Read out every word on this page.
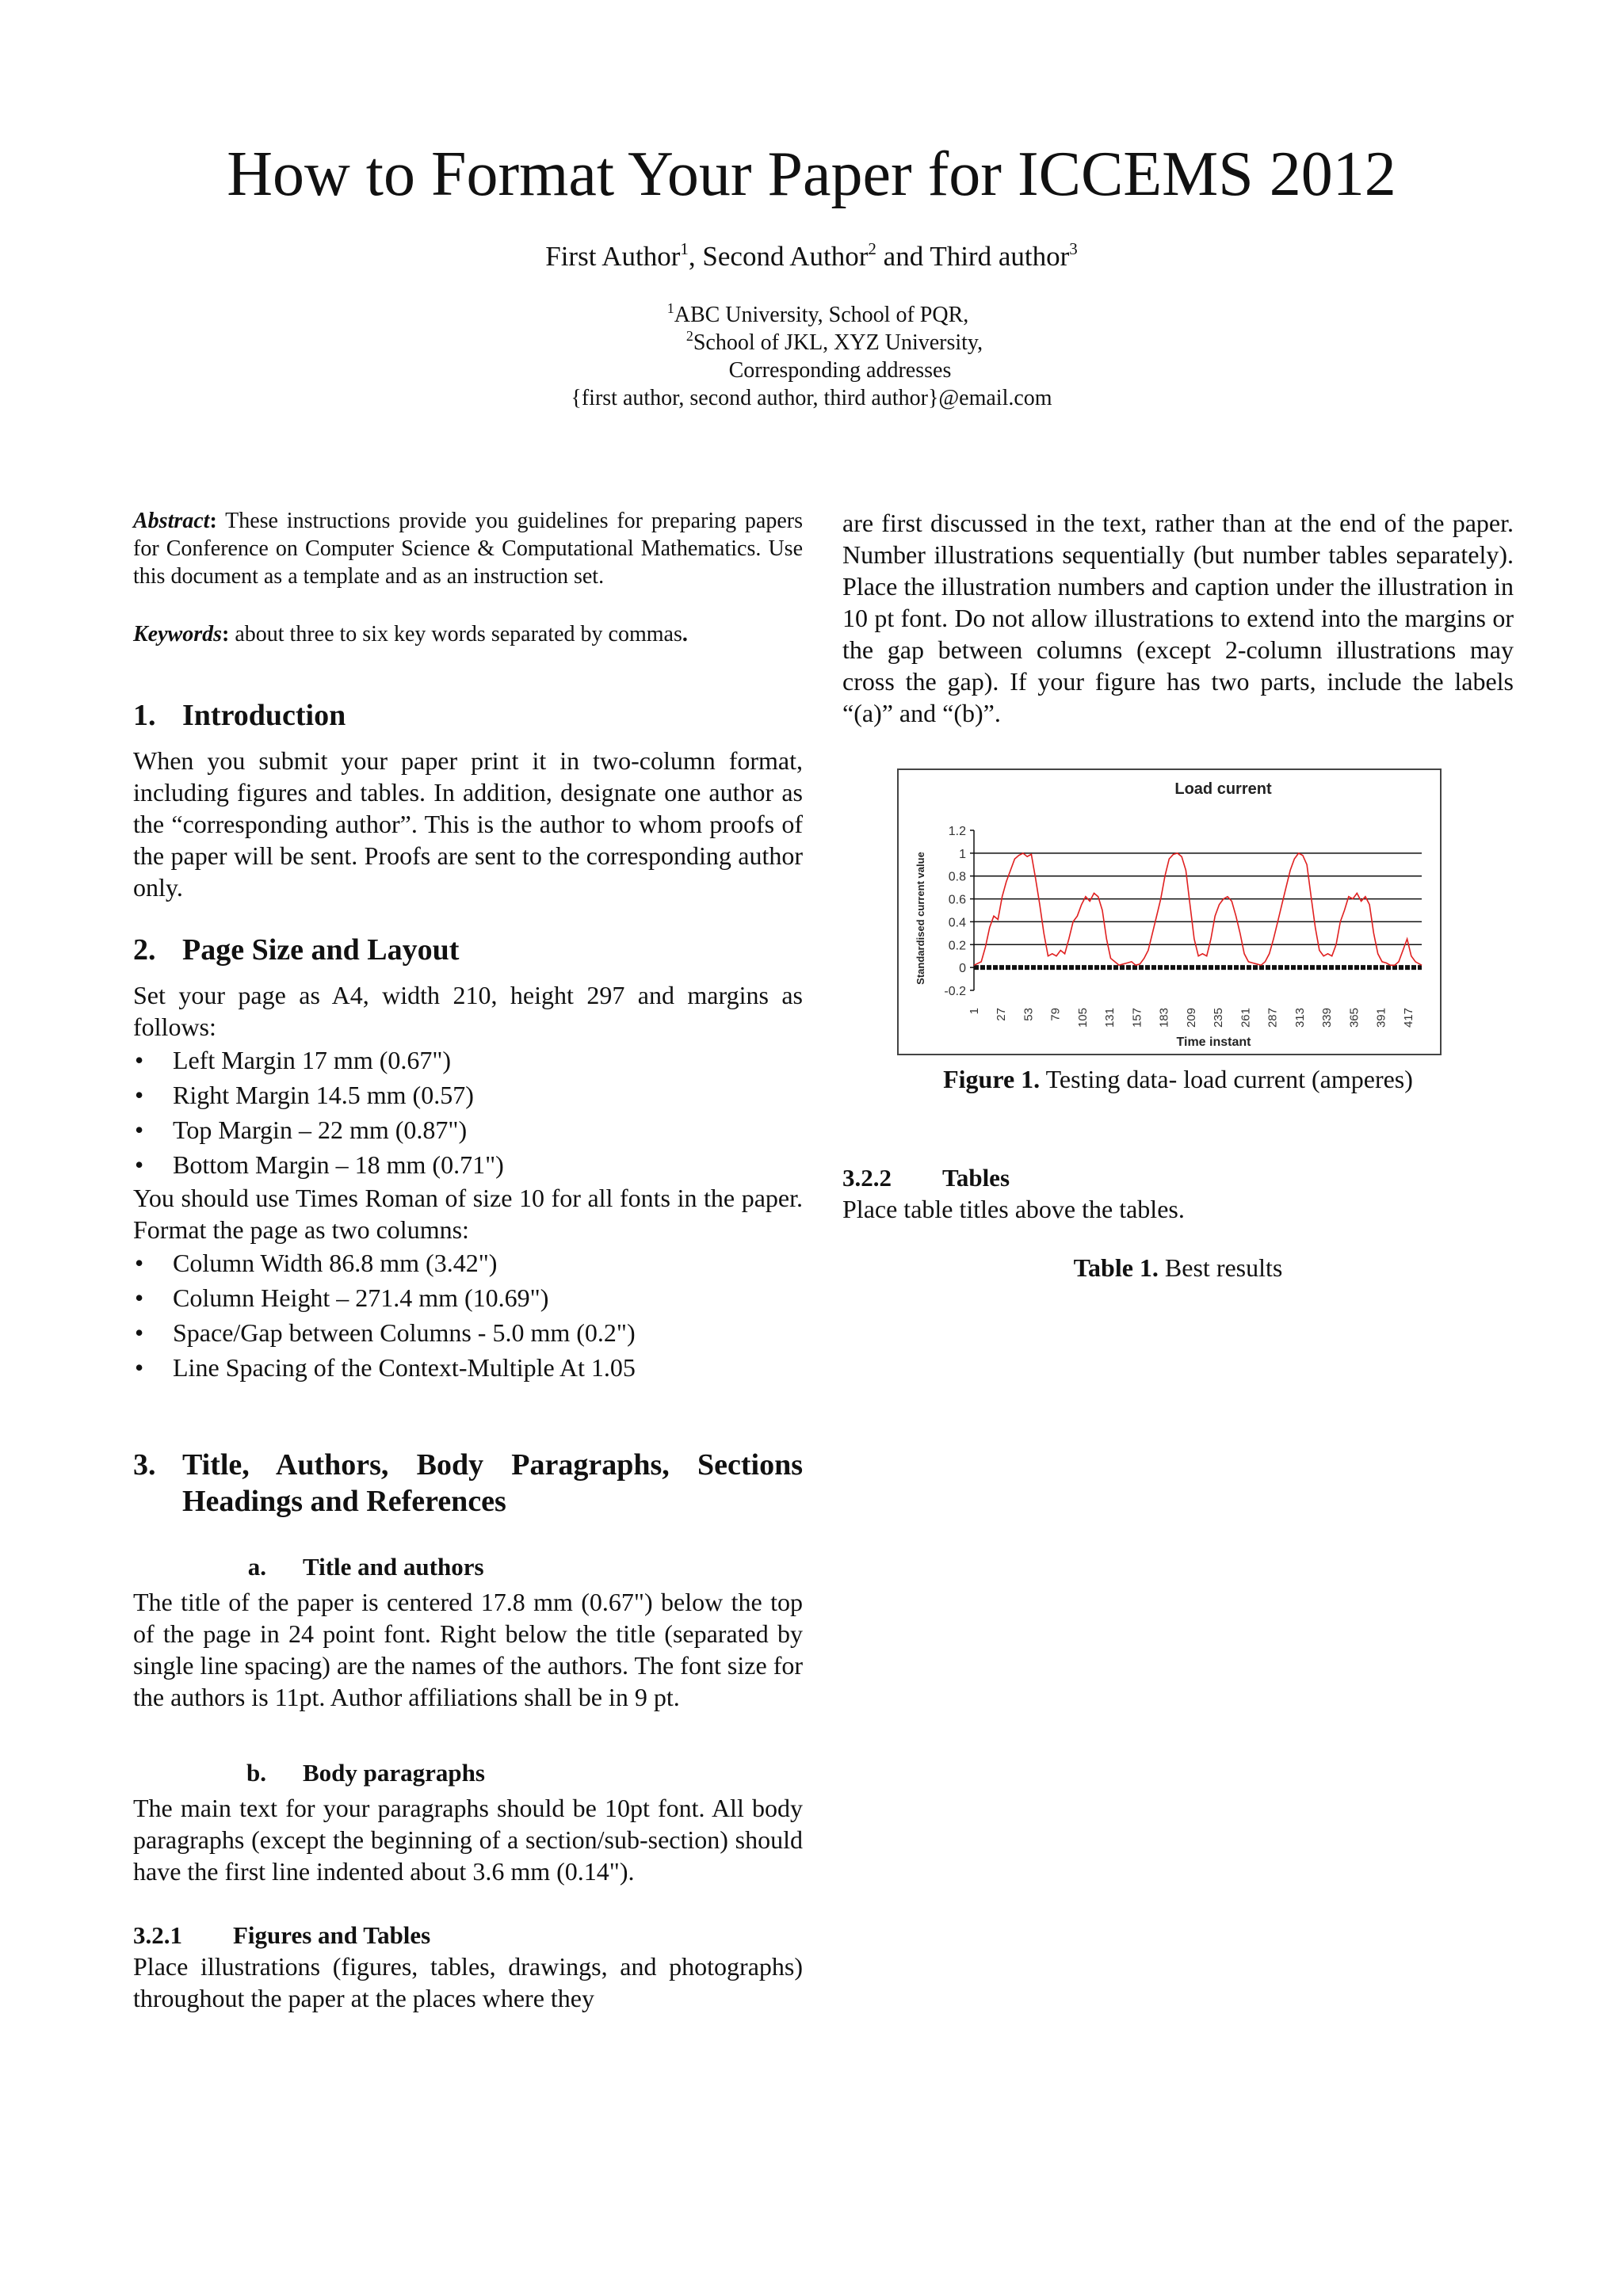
How to Format Your Paper for ICCEMS 2012
First Author$^1$, Second Author$^2$ and Third author$^3$
$^1$ABC University, School of PQR,
$^2$School of JKL, XYZ University,
Corresponding addresses
{first author, second author, third author}@email.com

Abstract: These instructions provide you guidelines for preparing papers for Conference on Computer Science & Computational Mathematics. Use this document as a template and as an instruction set.

Keywords: about three to six key words separated by commas.

1. Introduction

When you submit your paper print it in two-column format, including figures and tables. In addition, designate one author as the “corresponding author”. This is the author to whom proofs of the paper will be sent. Proofs are sent to the corresponding author only.

2. Page Size and Layout

Set your page as A4, width 210, height 297 and margins as follows:

• Left Margin 17 mm (0.67")
• Right Margin 14.5 mm (0.57)
• Top Margin – 22 mm (0.87")
• Bottom Margin – 18 mm (0.71")

You should use Times Roman of size 10 for all fonts in the paper. Format the page as two columns:

• Column Width 86.8 mm (3.42")
• Column Height – 271.4 mm (10.69")
• Space/Gap between Columns - 5.0 mm (0.2")
• Line Spacing of the Context-Multiple At 1.05
3. Title, Authors, Body Paragraphs, Sections Headings and References
a. Title and authors

The title of the paper is centered 17.8 mm (0.67") below the top of the page in 24 point font. Right below the title (separated by single line spacing) are the names of the authors. The font size for the authors is 11pt. Author affiliations shall be in 9 pt.

b. Body paragraphs

The main text for your paragraphs should be 10pt font. All body paragraphs (except the beginning of a section/sub-section) should have the first line indented about 3.6 mm (0.14").

3.2.1 Figures and Tables

Place illustrations (figures, tables, drawings, and photographs) throughout the paper at the places where they

are first discussed in the text, rather than at the end of the paper. Number illustrations sequentially (but number tables separately). Place the illustration numbers and caption under the illustration in 10 pt font. Do not allow illustrations to extend into the margins or the gap between columns (except 2-column illustrations may cross the gap). If your figure has two parts, include the labels “(a)” and “(b)”.

Load current
-0.2
0
0.2
0.4
0.6
0.8
1
1.2
1 27 53 79 105 131 157 183 209 235 261 287 313 339 365 391 417
Time instant
Standardised current value
Figure 1. Testing data- load current (amperes)
3.2.2 Tables

Place table titles above the tables.

Table 1. Best results
